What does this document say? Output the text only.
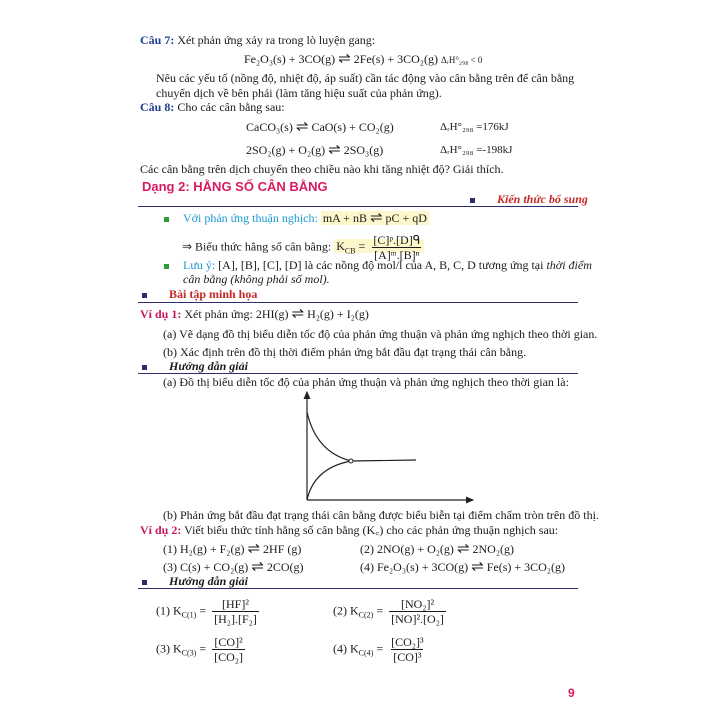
Câu 7: Xét phản ứng xảy ra trong lò luyện gang:
Fe₂O₃(s) + 3CO(g) ⇌ 2Fe(s) + 3CO₂(g) ΔᵣH°₂₉₈ < 0
Nêu các yếu tố (nồng độ, nhiệt độ, áp suất) cần tác động vào cân bằng trên để cân bằng
chuyển dịch về bên phải (làm tăng hiệu suất của phản ứng).
Câu 8: Cho các cân bằng sau:
CaCO₃(s) ⇌ CaO(s) + CO₂(g)	ΔᵣH°₂₉₈ =176kJ
2SO₂(g) + O₂(g) ⇌ 2SO₃(g)	ΔᵣH°₂₉₈ =-198kJ
Các cân bằng trên dịch chuyển theo chiều nào khi tăng nhiệt độ? Giải thích.
Dạng 2: HẰNG SỐ CÂN BẰNG
Kiến thức bổ sung
Với phản ứng thuận nghịch: mA + nB ⇌ pC + qD
⇒ Biểu thức hằng số cân bằng: $K_{CB} = \frac{\text{[C]ᵖ.[D]ᑫ}}{\text{[A]ᵐ.[B]ⁿ}}$
Lưu ý: [A], [B], [C], [D] là các nồng độ mol/l của A, B, C, D tương ứng tại thời điểm
cân bằng (không phải số mol).
Bài tập minh họa
Ví dụ 1: Xét phản ứng: 2HI(g) ⇌ H₂(g) + I₂(g)
(a) Vẽ dạng đồ thị biểu diễn tốc độ của phản ứng thuận và phản ứng nghịch theo thời gian.
(b) Xác định trên đồ thị thời điểm phản ứng bắt đầu đạt trạng thái cân bằng.
Hướng dẫn giải
(a) Đồ thị biểu diễn tốc độ của phản ứng thuận và phản ứng nghịch theo thời gian là:
(b) Phản ứng bắt đầu đạt trạng thái cân bằng được biểu biễn tại điểm chấm tròn trên đồ thị.
Ví dụ 2: Viết biểu thức tính hằng số cân bằng (K꜀) cho các phản ứng thuận nghịch sau:
(1) H₂(g) + F₂(g) ⇌ 2HF (g)	(2) 2NO(g) + O₂(g) ⇌ 2NO₂(g)
(3) C(s) + CO₂(g) ⇌ 2CO(g)	(4) Fe₂O₃(s) + 3CO(g) ⇌ Fe(s) + 3CO₂(g)
Hướng dẫn giải
(1) $K_{C(1)} = \frac{\text{[HF]²}}{\text{[H₂].[F₂]}}$	(2) $K_{C(2)} = \frac{\text{[NO₂]²}}{\text{[NO]².[O₂]}}$
(3) $K_{C(3)} = \frac{\text{[CO]²}}{\text{[CO₂]}}$	(4) $K_{C(4)} = \frac{\text{[CO₂]³}}{\text{[CO]³}}$
9
